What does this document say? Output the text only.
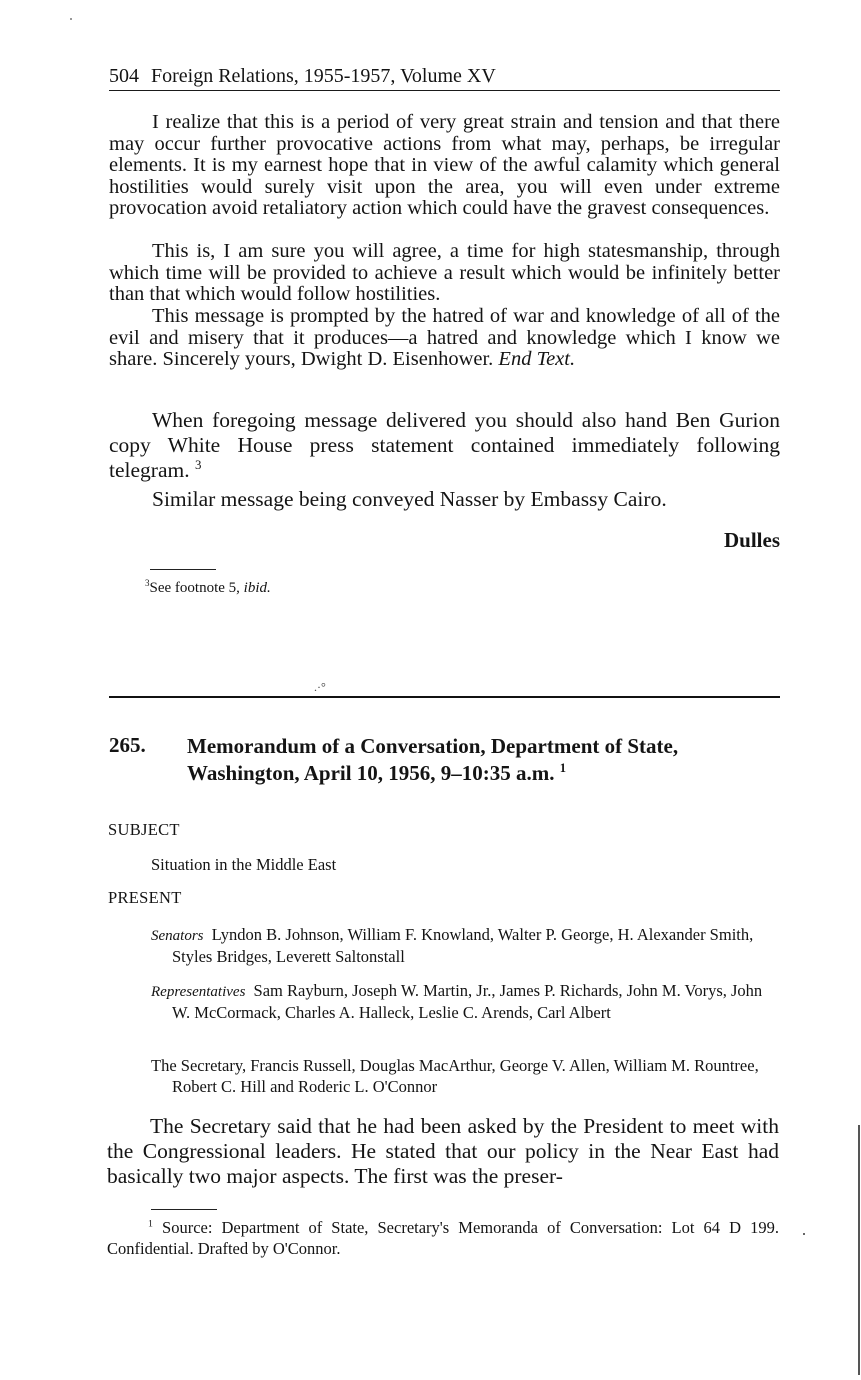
504 Foreign Relations, 1955-1957, Volume XV

I realize that this is a period of very great strain and tension and that there may occur further provocative actions from what may, perhaps, be irregular elements. It is my earnest hope that in view of the awful calamity which general hostilities would surely visit upon the area, you will even under extreme provocation avoid retaliatory action which could have the gravest consequences.

This is, I am sure you will agree, a time for high statesmanship, through which time will be provided to achieve a result which would be infinitely better than that which would follow hostilities.

This message is prompted by the hatred of war and knowledge of all of the evil and misery that it produces—a hatred and knowledge which I know we share. Sincerely yours, Dwight D. Eisenhower. End Text.

When foregoing message delivered you should also hand Ben Gurion copy White House press statement contained immediately following telegram. $^3$

Similar message being conveyed Nasser by Embassy Cairo.

Dulles

$^3$See footnote 5, ibid.

.·°
265. Memorandum of a Conversation, Department of State, Washington, April 10, 1956, 9–10:35 a.m. $^1$

SUBJECT
Situation in the Middle East
PRESENT

Senators Lyndon B. Johnson, William F. Knowland, Walter P. George, H. Alexander Smith, Styles Bridges, Leverett Saltonstall

Representatives Sam Rayburn, Joseph W. Martin, Jr., James P. Richards, John M. Vorys, John W. McCormack, Charles A. Halleck, Leslie C. Arends, Carl Albert

The Secretary, Francis Russell, Douglas MacArthur, George V. Allen, William M. Rountree, Robert C. Hill and Roderic L. O'Connor

The Secretary said that he had been asked by the President to meet with the Congressional leaders. He stated that our policy in the Near East had basically two major aspects. The first was the preser-

$^1$ Source: Department of State, Secretary's Memoranda of Conversation: Lot 64 D 199. Confidential. Drafted by O'Connor.
